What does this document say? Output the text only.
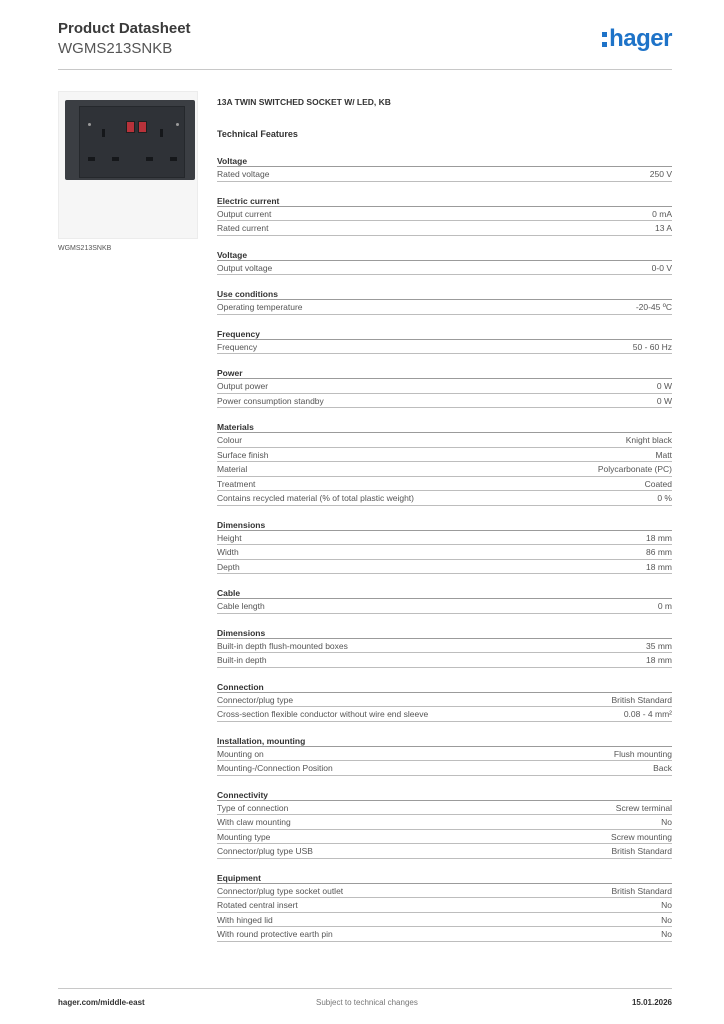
Product Datasheet
WGMS213SNKB	hager
WGMS213SNKB
13A TWIN SWITCHED SOCKET W/ LED, KB
Technical Features
Voltage
Rated voltage	250 V
Electric current
Output current	0 mA
Rated current	13 A
Voltage
Output voltage	0-0 V
Use conditions
Operating temperature	-20-45 ºC
Frequency
Frequency	50 - 60 Hz
Power
Output power	0 W
Power consumption standby	0 W
Materials
Colour	Knight black
Surface finish	Matt
Material	Polycarbonate (PC)
Treatment	Coated
Contains recycled material (% of total plastic weight)	0 %
Dimensions
Height	18 mm
Width	86 mm
Depth	18 mm
Cable
Cable length	0 m
Dimensions
Built-in depth flush-mounted boxes	35 mm
Built-in depth	18 mm
Connection
Connector/plug type	British Standard
Cross-section flexible conductor without wire end sleeve	0.08 - 4 mm²
Installation, mounting
Mounting on	Flush mounting
Mounting-/Connection Position	Back
Connectivity
Type of connection	Screw terminal
With claw mounting	No
Mounting type	Screw mounting
Connector/plug type USB	British Standard
Equipment
Connector/plug type socket outlet	British Standard
Rotated central insert	No
With hinged lid	No
With round protective earth pin	No
hager.com/middle-east	Subject to technical changes	15.01.2026
